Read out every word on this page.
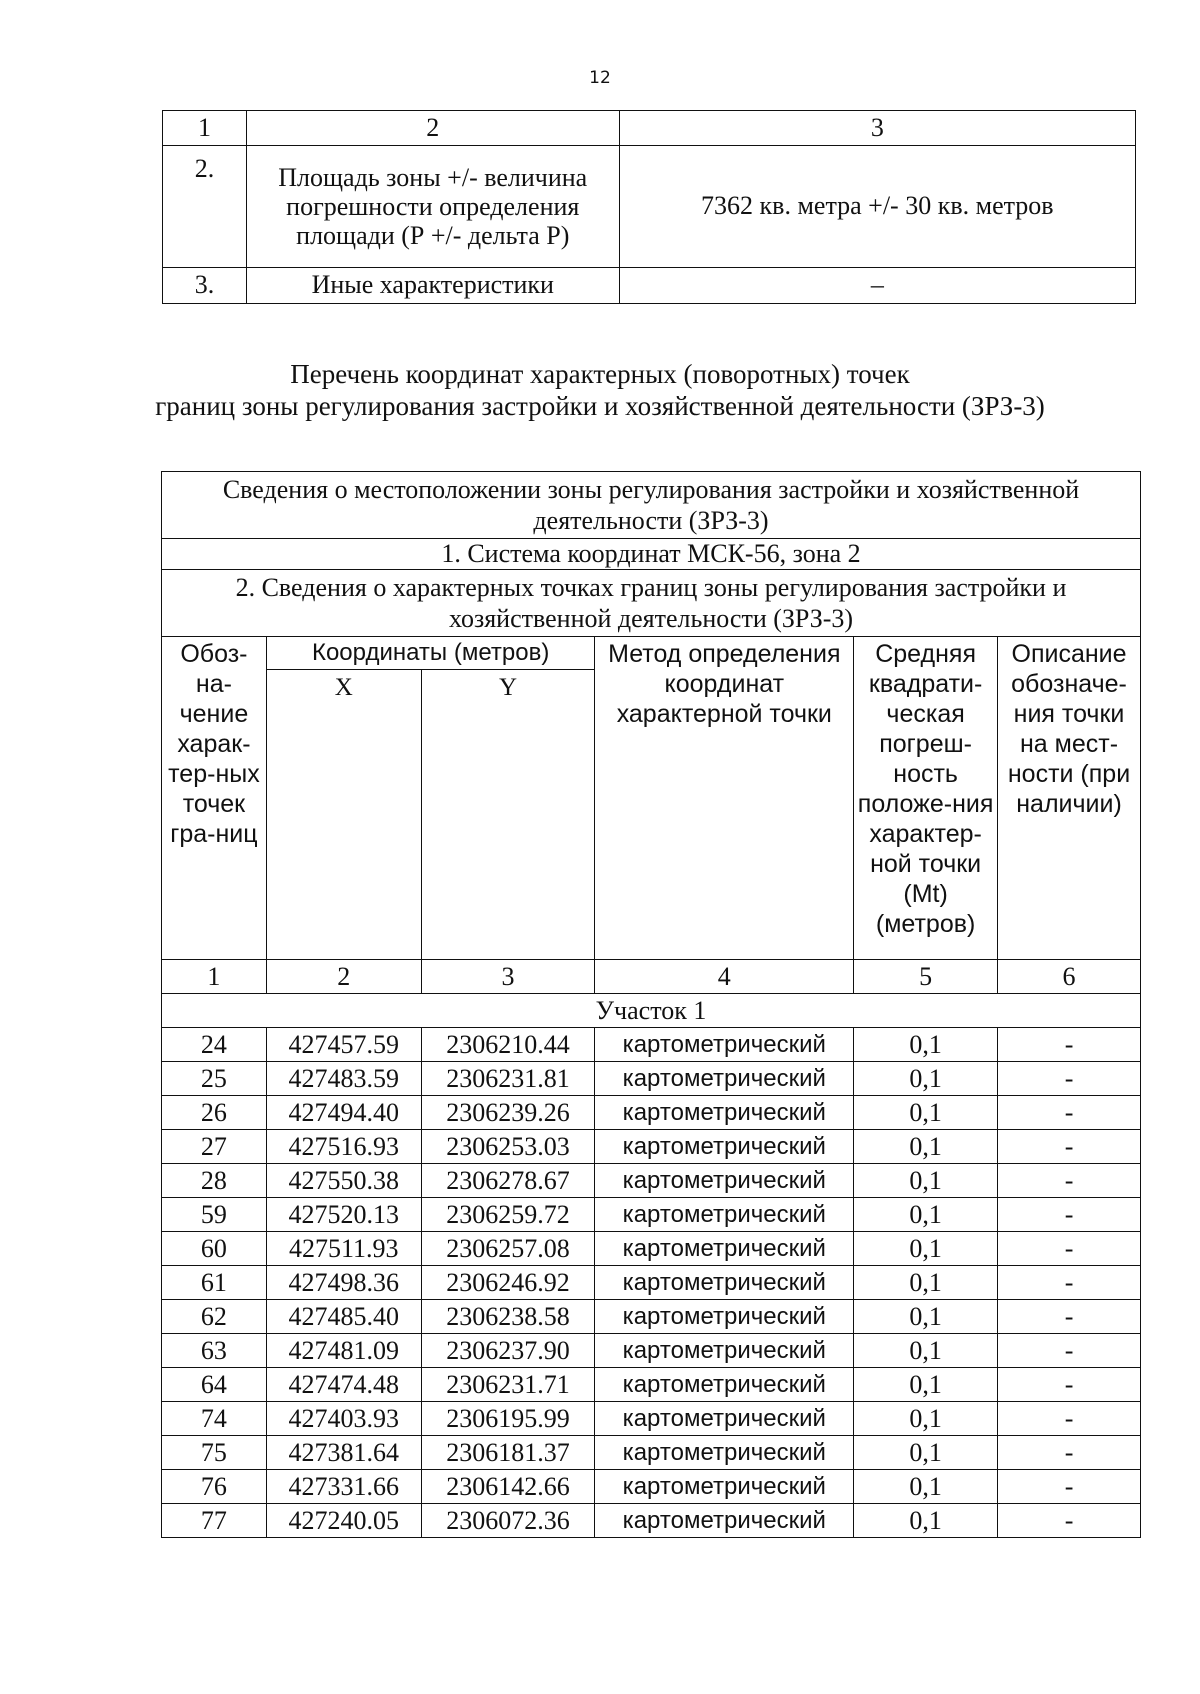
12
1	2	3
2.	Площадь зоны +/- величина погрешности определения площади (Р +/- дельта Р)	7362 кв. метра +/- 30 кв. метров
3.	Иные характеристики	–
Перечень координат характерных (поворотных) точек
границ зоны регулирования застройки и хозяйственной деятельности (ЗРЗ-3)
Сведения о местоположении зоны регулирования застройки и хозяйственной деятельности (ЗРЗ-3)					
1. Система координат МСК-56, зона 2					
2. Сведения о характерных точках границ зоны регулирования застройки и хозяйственной деятельности (ЗРЗ-3)					
Обоз-на-чение харак-тер-ных точек гра-ниц	Координаты (метров)		Метод определения координат характерной точки	Средняя квадрати-ческая погреш-ность положе-ния характер-ной точки (Mt) (метров)	Описание обозначе-ния точки на мест-ности (при наличии)
	X	Y			
1	2	3	4	5	6
Участок 1					
24	427457.59	2306210.44	картометрический	0,1	-
25	427483.59	2306231.81	картометрический	0,1	-
26	427494.40	2306239.26	картометрический	0,1	-
27	427516.93	2306253.03	картометрический	0,1	-
28	427550.38	2306278.67	картометрический	0,1	-
59	427520.13	2306259.72	картометрический	0,1	-
60	427511.93	2306257.08	картометрический	0,1	-
61	427498.36	2306246.92	картометрический	0,1	-
62	427485.40	2306238.58	картометрический	0,1	-
63	427481.09	2306237.90	картометрический	0,1	-
64	427474.48	2306231.71	картометрический	0,1	-
74	427403.93	2306195.99	картометрический	0,1	-
75	427381.64	2306181.37	картометрический	0,1	-
76	427331.66	2306142.66	картометрический	0,1	-
77	427240.05	2306072.36	картометрический	0,1	-
